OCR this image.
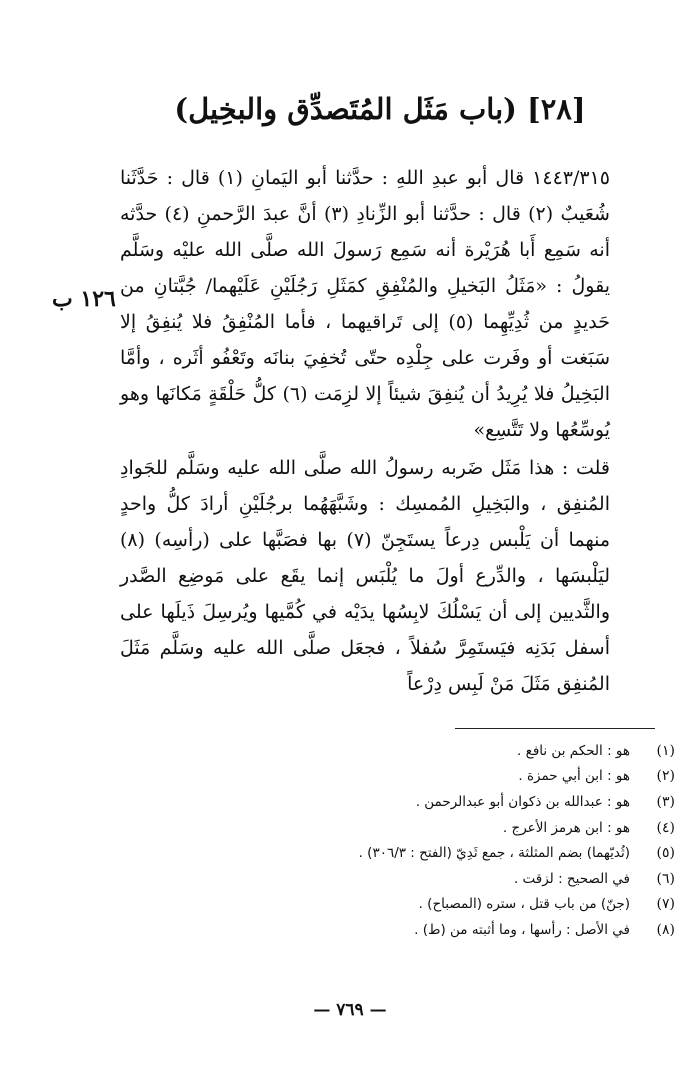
[٢٨] (باب مَثَل المُتَصدِّق والبخِيل)
١٢٦ ب
١٤٤٣/٣١٥ قال أبو عبدِ اللهِ : حدَّثنا أبو اليَمانِ (١) قال : حَدَّثَنا شُعَيبٌ (٢) قال : حدَّثنا أبو الزِّنادِ (٣) أنَّ عبدَ الرَّحمنِ (٤) حدَّثه أنه سَمِع أَبا هُرَيْرة أنه سَمِع رَسولَ الله صلَّى الله عليْه وسَلَّم يقولُ : «مَثَلُ البَخيلِ والمُنْفِقِ كمَثَلِ رَجُلَيْنِ عَلَيْهما/ جُبَّتانِ من حَديدٍ من ثُدِيِّهِما (٥) إلى تَراقيهما ، فأما المُنْفِقُ فلا يُنفِقُ إلا سَبَغت أو وفَرت على جِلْدِه حتّى تُخفِيَ بنانَه وتَعْفُو أثَره ، وأمَّا البَخِيلُ فلا يُرِيدُ أن يُنفِقَ شيئاً إلا لزِمَت (٦) كلُّ حَلْقَةٍ مَكانَها وهو يُوسِّعُها ولا تَتَّسِع»
قلت : هذا مَثَل ضَربه رسولُ الله صلَّى الله عليه وسَلَّم للجَوادِ المُنفِق ، والبَخِيلِ المُمسِك : وشَبَّهَهُما برجُلَيْنِ أرادَ كلُّ واحدٍ منهما أن يَلْبس دِرعاً يستَجِنّ (٧) بها فصَبَّها على (رأسِه) (٨) ليَلْبسَها ، والدِّرع أولَ ما يُلْبَس إنما يقَع على مَوضِع الصَّدر والثَّديين إلى أن يَسْلُكَ لابِسُها يدَيْه في كُمَّيها ويُرسِلَ ذَيلَها على أسفل بَدَنِه فيَستَمِرَّ سُفلاً ، فجعَل صلَّى الله عليه وسَلَّم مَثَلَ المُنفِق مَثَلَ مَنْ لَبِس دِرْعاً
(١)
هو : الحكم بن نافع .
(٢)
هو : ابن أبي حمزة .
(٣)
هو : عبدالله بن ذكوان أبو عبدالرحمن .
(٤)
هو : ابن هرمز الأعرج .
(٥)
(ثُديّهما) بضم المثلثة ، جمع ثَدِيّ (الفتح : ٣٠٦/٣) .
(٦)
في الصحيح : لزقت .
(٧)
(جنّ) من باب قتل ، ستره (المصباح) .
(٨)
في الأصل : رأسها ، وما أثبته من (ط) .
— ٧٦٩ —
